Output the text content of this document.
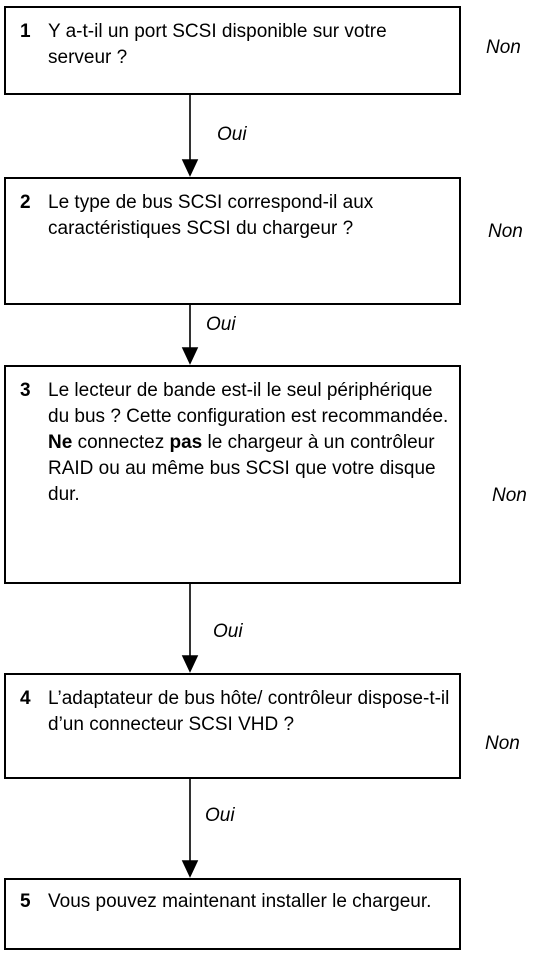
1 Y a-t-il un port SCSI disponible sur votre serveur ?	Non
Oui
2 Le type de bus SCSI correspond-il aux caractéristiques SCSI du chargeur ?	Non
Oui
3 Le lecteur de bande est-il le seul périphérique du bus ? Cette configuration est recommandée. Ne connectez pas le chargeur à un contrôleur RAID ou au même bus SCSI que votre disque dur.	Non
Oui
4 L’adaptateur de bus hôte/ contrôleur dispose-t-il d’un connecteur SCSI VHD ?
Non
Oui
5 Vous pouvez maintenant installer le chargeur.
